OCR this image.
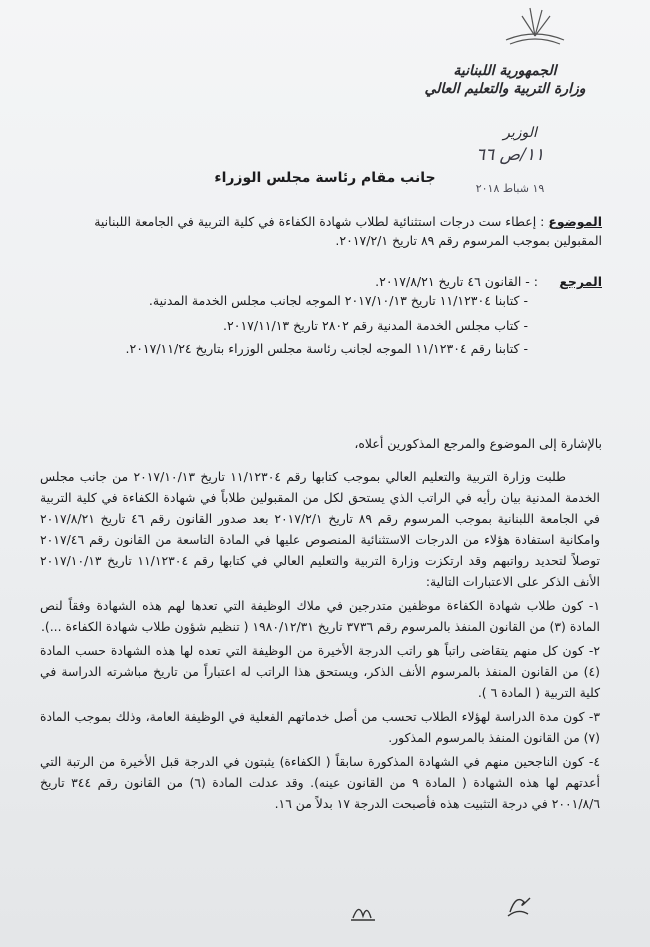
الجمهورية اللبنانية
وزارة التربية والتعليم العالي
الوزير
١١/ص ٦٦
١٩ شباط ٢٠١٨
جانب مقام رئاسة مجلس الوزراء
الموضوع : إعطاء ست درجات استثنائية لطلاب شهادة الكفاءة في كلية التربية في الجامعة اللبنانية المقبولين بموجب المرسوم رقم ٨٩ تاريخ ٢٠١٧/٢/١.
المرجع
: - القانون ٤٦ تاريخ ٢٠١٧/٨/٢١.
- كتابنا ١١/١٢٣٠٤ تاريخ ٢٠١٧/١٠/١٣ الموجه لجانب مجلس الخدمة المدنية.
- كتاب مجلس الخدمة المدنية رقم ٢٨٠٢ تاريخ ٢٠١٧/١١/١٣.
- كتابنا رقم ١١/١٢٣٠٤ الموجه لجانب رئاسة مجلس الوزراء بتاريخ ٢٠١٧/١١/٢٤.
بالإشارة إلى الموضوع والمرجع المذكورين أعلاه،

طلبت وزارة التربية والتعليم العالي بموجب كتابها رقم ١١/١٢٣٠٤ تاريخ ٢٠١٧/١٠/١٣ من جانب مجلس الخدمة المدنية بيان رأيه في الراتب الذي يستحق لكل من المقبولين طلاباً في شهادة الكفاءة في كلية التربية في الجامعة اللبنانية بموجب المرسوم رقم ٨٩ تاريخ ٢٠١٧/٢/١ بعد صدور القانون رقم ٤٦ تاريخ ٢٠١٧/٨/٢١ وامكانية استفادة هؤلاء من الدرجات الاستثنائية المنصوص عليها في المادة التاسعة من القانون رقم ٢٠١٧/٤٦ توصلاً لتحديد رواتبهم وقد ارتكزت وزارة التربية والتعليم العالي في كتابها رقم ١١/١٢٣٠٤ تاريخ ٢٠١٧/١٠/١٣ الأنف الذكر على الاعتبارات التالية:

١- كون طلاب شهادة الكفاءة موظفين متدرجين في ملاك الوظيفة التي تعدها لهم هذه الشهادة وفقاً لنص المادة (٣) من القانون المنفذ بالمرسوم رقم ٣٧٣٦ تاريخ ١٩٨٠/١٢/٣١ ( تنظيم شؤون طلاب شهادة الكفاءة ...).

٢- كون كل منهم يتقاضى راتباً هو راتب الدرجة الأخيرة من الوظيفة التي تعده لها هذه الشهادة حسب المادة (٤) من القانون المنفذ بالمرسوم الأنف الذكر، ويستحق هذا الراتب له اعتباراً من تاريخ مباشرته الدراسة في كلية التربية ( المادة ٦ ).

٣- كون مدة الدراسة لهؤلاء الطلاب تحسب من أصل خدماتهم الفعلية في الوظيفة العامة، وذلك بموجب المادة (٧) من القانون المنفذ بالمرسوم المذكور.

٤- كون الناجحين منهم في الشهادة المذكورة سابقاً ( الكفاءة) يثبتون في الدرجة قبل الأخيرة من الرتبة التي أعدتهم لها هذه الشهادة ( المادة ٩ من القانون عينه). وقد عدلت المادة (٦) من القانون رقم ٣٤٤ تاريخ ٢٠٠١/٨/٦ في درجة التثبيت هذه فأصبحت الدرجة ١٧ بدلاً من ١٦.
